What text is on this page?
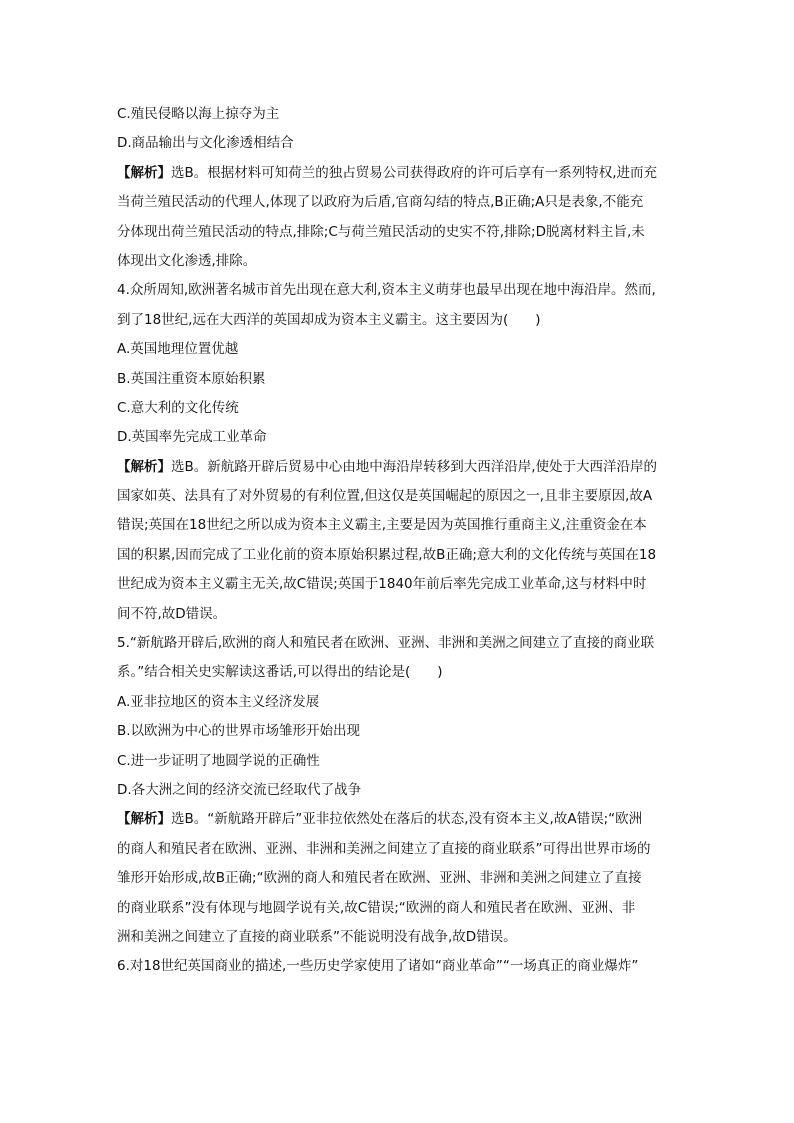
C.殖民侵略以海上掠夺为主
D.商品输出与文化渗透相结合
【解析】选B。根据材料可知荷兰的独占贸易公司获得政府的许可后享有一系列特权,进而充
当荷兰殖民活动的代理人,体现了以政府为后盾,官商勾结的特点,B正确;A只是表象,不能充
分体现出荷兰殖民活动的特点,排除;C与荷兰殖民活动的史实不符,排除;D脱离材料主旨,未
体现出文化渗透,排除。
4.众所周知,欧洲著名城市首先出现在意大利,资本主义萌芽也最早出现在地中海沿岸。然而,
到了18世纪,远在大西洋的英国却成为资本主义霸主。这主要因为(　　)
A.英国地理位置优越
B.英国注重资本原始积累
C.意大利的文化传统
D.英国率先完成工业革命
【解析】选B。新航路开辟后贸易中心由地中海沿岸转移到大西洋沿岸,使处于大西洋沿岸的
国家如英、法具有了对外贸易的有利位置,但这仅是英国崛起的原因之一,且非主要原因,故A
错误;英国在18世纪之所以成为资本主义霸主,主要是因为英国推行重商主义,注重资金在本
国的积累,因而完成了工业化前的资本原始积累过程,故B正确;意大利的文化传统与英国在18
世纪成为资本主义霸主无关,故C错误;英国于1840年前后率先完成工业革命,这与材料中时
间不符,故D错误。
5.“新航路开辟后,欧洲的商人和殖民者在欧洲、亚洲、非洲和美洲之间建立了直接的商业联
系。”结合相关史实解读这番话,可以得出的结论是(　　)
A.亚非拉地区的资本主义经济发展
B.以欧洲为中心的世界市场雏形开始出现
C.进一步证明了地圆学说的正确性
D.各大洲之间的经济交流已经取代了战争
【解析】选B。“新航路开辟后”亚非拉依然处在落后的状态,没有资本主义,故A错误;“欧洲
的商人和殖民者在欧洲、亚洲、非洲和美洲之间建立了直接的商业联系”可得出世界市场的
雏形开始形成,故B正确;“欧洲的商人和殖民者在欧洲、亚洲、非洲和美洲之间建立了直接
的商业联系”没有体现与地圆学说有关,故C错误;“欧洲的商人和殖民者在欧洲、亚洲、非
洲和美洲之间建立了直接的商业联系”不能说明没有战争,故D错误。
6.对18世纪英国商业的描述,一些历史学家使用了诸如“商业革命”“一场真正的商业爆炸”
